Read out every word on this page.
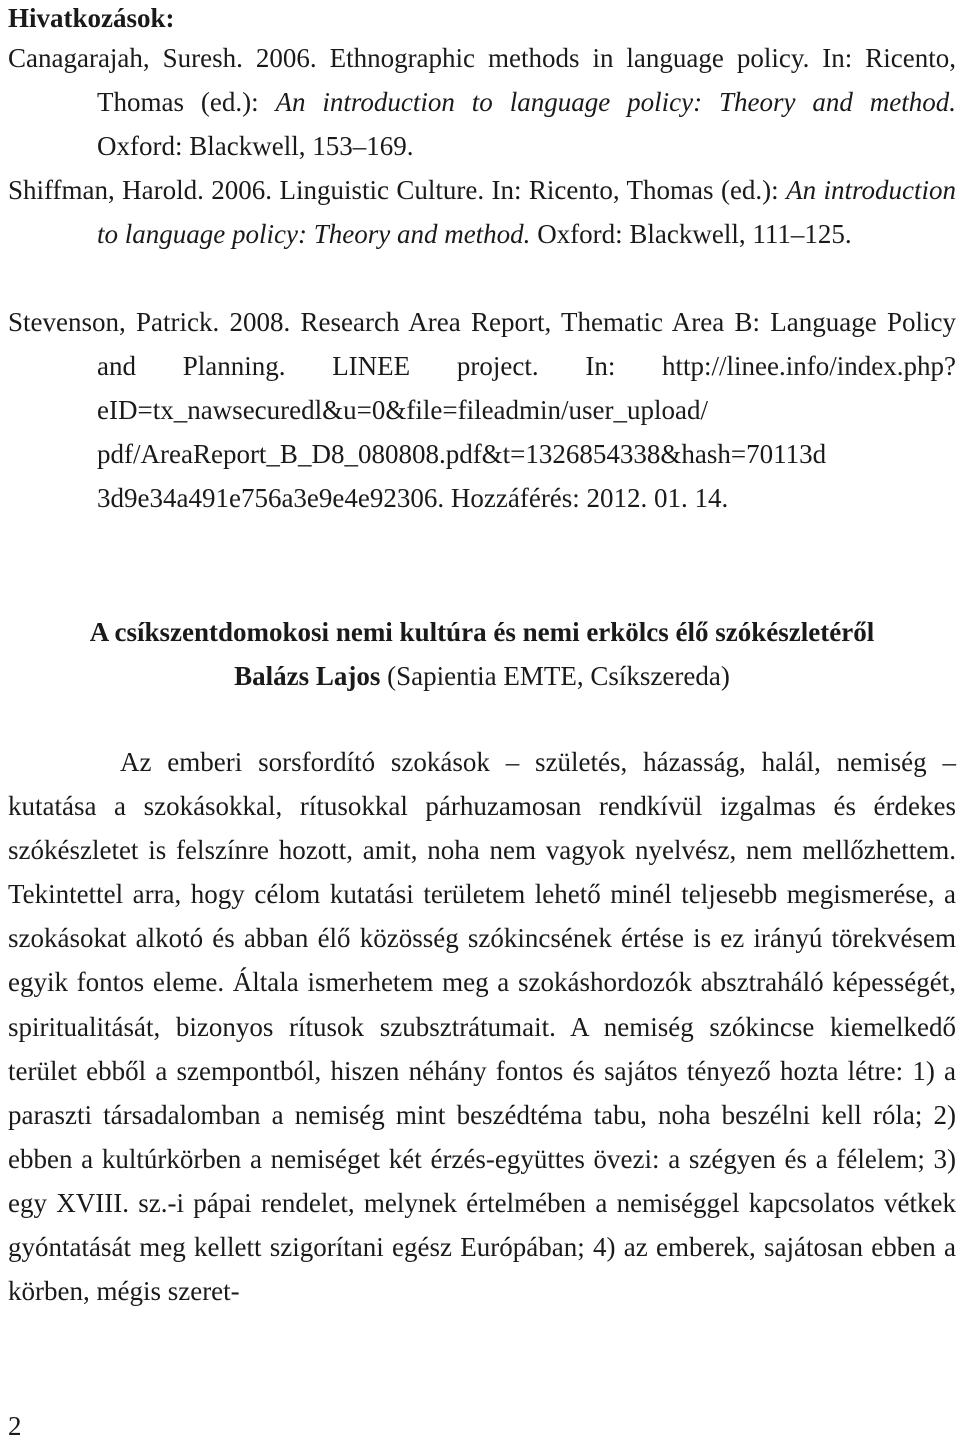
Hivatkozások:
Canagarajah, Suresh. 2006. Ethnographic methods in language policy. In: Ricento, Thomas (ed.): An introduction to language policy: Theory and method. Oxford: Blackwell, 153–169.
Shiffman, Harold. 2006. Linguistic Culture. In: Ricento, Thomas (ed.): An introduction to language policy: Theory and method. Oxford: Blackwell, 111–125.
Stevenson, Patrick. 2008. Research Area Report, Thematic Area B: Language Policy and Planning. LINEE project. In: http://linee.info/index.php?eID=tx_nawsecuredl&u=0&file=fileadmin/user_upload/ pdf/AreaReport_B_D8_080808.pdf&t=1326854338&hash=70113d 3d9e34a491e756a3e9e4e92306. Hozzáférés: 2012. 01. 14.
A csíkszentdomokosi nemi kultúra és nemi erkölcs élő szókészletéről
Balázs Lajos (Sapientia EMTE, Csíkszereda)
Az emberi sorsfordító szokások – születés, házasság, halál, nemiség – kutatása a szokásokkal, rítusokkal párhuzamosan rendkívül izgalmas és érdekes szókészletet is felszínre hozott, amit, noha nem vagyok nyelvész, nem mellőzhettem. Tekintettel arra, hogy célom kutatási területem lehető minél teljesebb megismerése, a szokásokat alkotó és abban élő közösség szókincsének értése is ez irányú törekvésem egyik fontos eleme. Általa ismerhetem meg a szokáshordozók absztraháló képességét, spiritualitását, bizonyos rítusok szubsztrátumait. A nemiség szókincse kiemelkedő terület ebből a szempontból, hiszen néhány fontos és sajátos tényező hozta létre: 1) a paraszti társadalomban a nemiség mint beszédtéma tabu, noha beszélni kell róla; 2) ebben a kultúrkörben a nemiséget két érzés-együttes övezi: a szégyen és a félelem; 3) egy XVIII. sz.-i pápai rendelet, melynek értelmében a nemiséggel kapcsolatos vétkek gyóntatását meg kellett szigorítani egész Európában; 4) az emberek, sajátosan ebben a körben, mégis szeret-
2
